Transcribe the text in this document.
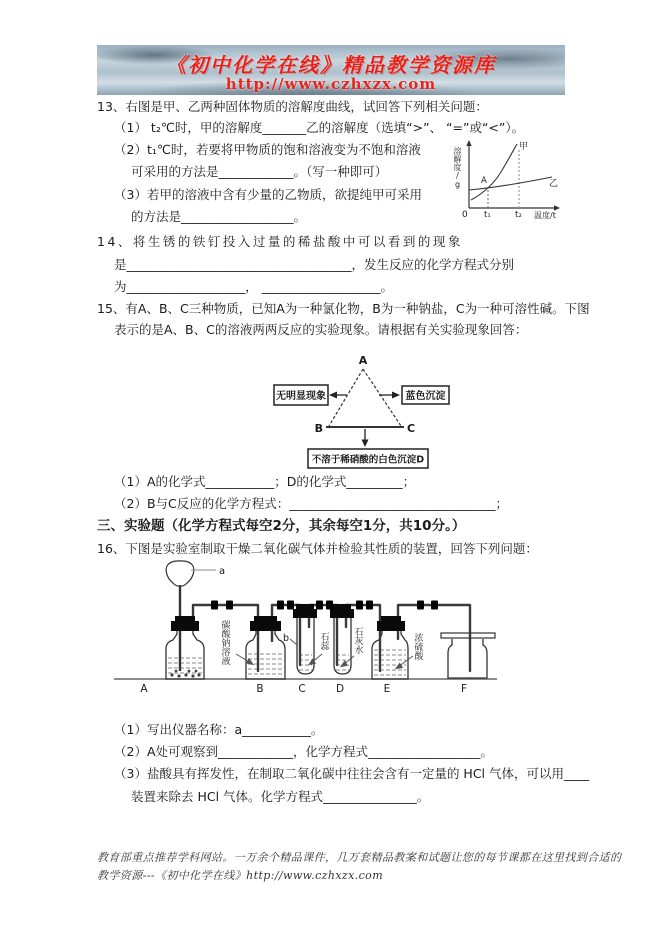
《初中化学在线》精品教学资源库
http://www.czhxzx.com
13、右图是甲、乙两种固体物质的溶解度曲线，试回答下列相关问题：
（1） t₂℃时，甲的溶解度_______乙的溶解度（选填“>”、 “=”或“<”）。
（2）t₁℃时，若要将甲物质的饱和溶液变为不饱和溶液
可采用的方法是____________。（写一种即可）
（3）若甲的溶液中含有少量的乙物质，欲提纯甲可采用
的方法是__________________。	0 t₁	t₂
甲
乙
A
温度/t
溶解度/g
14、将生锈的铁钉投入过量的稀盐酸中可以看到的现象
是____________________________________，发生反应的化学方程式分别
为___________________， ___________________。
15、有A、B、C三种物质，已知A为一种氯化物，B为一种钠盐，C为一种可溶性碱。下图
表示的是A、B、C的溶液两两反应的实验现象。请根据有关实验现象回答：
A
B	C
无明显现象	蓝色沉淀
不溶于稀硝酸的白色沉淀D
（1）A的化学式___________；D的化学式_________；
（2）B与C反应的化学方程式：_________________________________；
三、实验题（化学方程式每空2分，其余每空1分，共10分。）
16、下图是实验室制取干燥二氧化碳气体并检验其性质的装置，回答下列问题：
a
b
A	B	C	D	E	F
碳酸钠溶液	石蕊	石灰水	浓硫酸
（1）写出仪器名称：a___________。
（2）A处可观察到____________，化学方程式__________________。
（3）盐酸具有挥发性，在制取二氧化碳中往往会含有一定量的 HCl 气体，可以用____
装置来除去 HCl 气体。化学方程式_______________。
教育部重点推荐学科网站。一万余个精品课件，几万套精品教案和试题让您的每节课都在这里找到合适的
教学资源---《初中化学在线》http://www.czhxzx.com
